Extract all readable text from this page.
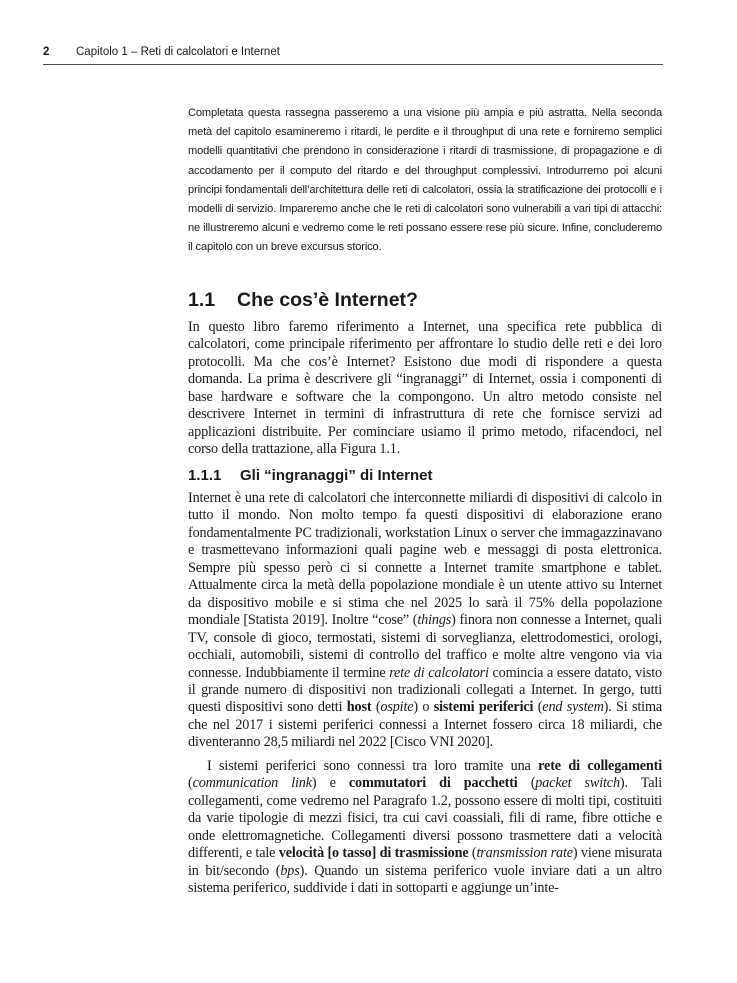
2 Capitolo 1 – Reti di calcolatori e Internet

Completata questa rassegna passeremo a una visione più ampia e più astratta. Nella seconda metà del capitolo esamineremo i ritardi, le perdite e il throughput di una rete e forniremo semplici modelli quantitativi che prendono in considerazione i ritardi di trasmissione, di propagazione e di accodamento per il computo del ritardo e del throughput complessivi. Introdurremo poi alcuni principi fondamentali dell’architettura delle reti di calcolatori, ossia la stratificazione dei protocolli e i modelli di servizio. Impareremo anche che le reti di calcolatori sono vulnerabili a vari tipi di attacchi: ne illustreremo alcuni e vedremo come le reti possano essere rese più sicure. Infine, concluderemo il capitolo con un breve excursus storico.

1.1 Che cos’è Internet?

In questo libro faremo riferimento a Internet, una specifica rete pubblica di calcolatori, come principale riferimento per affrontare lo studio delle reti e dei loro protocolli. Ma che cos’è Internet? Esistono due modi di rispondere a questa domanda. La prima è descrivere gli “ingranaggi” di Internet, ossia i componenti di base hardware e software che la compongono. Un altro metodo consiste nel descrivere Internet in termini di infrastruttura di rete che fornisce servizi ad applicazioni distribuite. Per cominciare usiamo il primo metodo, rifacendoci, nel corso della trattazione, alla Figura 1.1.

1.1.1 Gli “ingranaggi” di Internet

Internet è una rete di calcolatori che interconnette miliardi di dispositivi di calcolo in tutto il mondo. Non molto tempo fa questi dispositivi di elaborazione erano fondamentalmente PC tradizionali, workstation Linux o server che immagazzinavano e trasmettevano informazioni quali pagine web e messaggi di posta elettronica. Sempre più spesso però ci si connette a Internet tramite smartphone e tablet. Attualmente circa la metà della popolazione mondiale è un utente attivo su Internet da dispositivo mobile e si stima che nel 2025 lo sarà il 75% della popolazione mondiale [Statista 2019]. Inoltre “cose” (things) finora non connesse a Internet, quali TV, console di gioco, termostati, sistemi di sorveglianza, elettrodomestici, orologi, occhiali, automobili, sistemi di controllo del traffico e molte altre vengono via via connesse. Indubbiamente il termine rete di calcolatori comincia a essere datato, visto il grande numero di dispositivi non tradizionali collegati a Internet. In gergo, tutti questi dispositivi sono detti host (ospite) o sistemi periferici (end system). Si stima che nel 2017 i sistemi periferici connessi a Internet fossero circa 18 miliardi, che diventeranno 28,5 miliardi nel 2022 [Cisco VNI 2020].

I sistemi periferici sono connessi tra loro tramite una rete di collegamenti (communication link) e commutatori di pacchetti (packet switch). Tali collegamenti, come vedremo nel Paragrafo 1.2, possono essere di molti tipi, costituiti da varie tipologie di mezzi fisici, tra cui cavi coassiali, fili di rame, fibre ottiche e onde elettromagnetiche. Collegamenti diversi possono trasmettere dati a velocità differenti, e tale velocità [o tasso] di trasmissione (transmission rate) viene misurata in bit/secondo (bps). Quando un sistema periferico vuole inviare dati a un altro sistema periferico, suddivide i dati in sottoparti e aggiunge un’inte-
